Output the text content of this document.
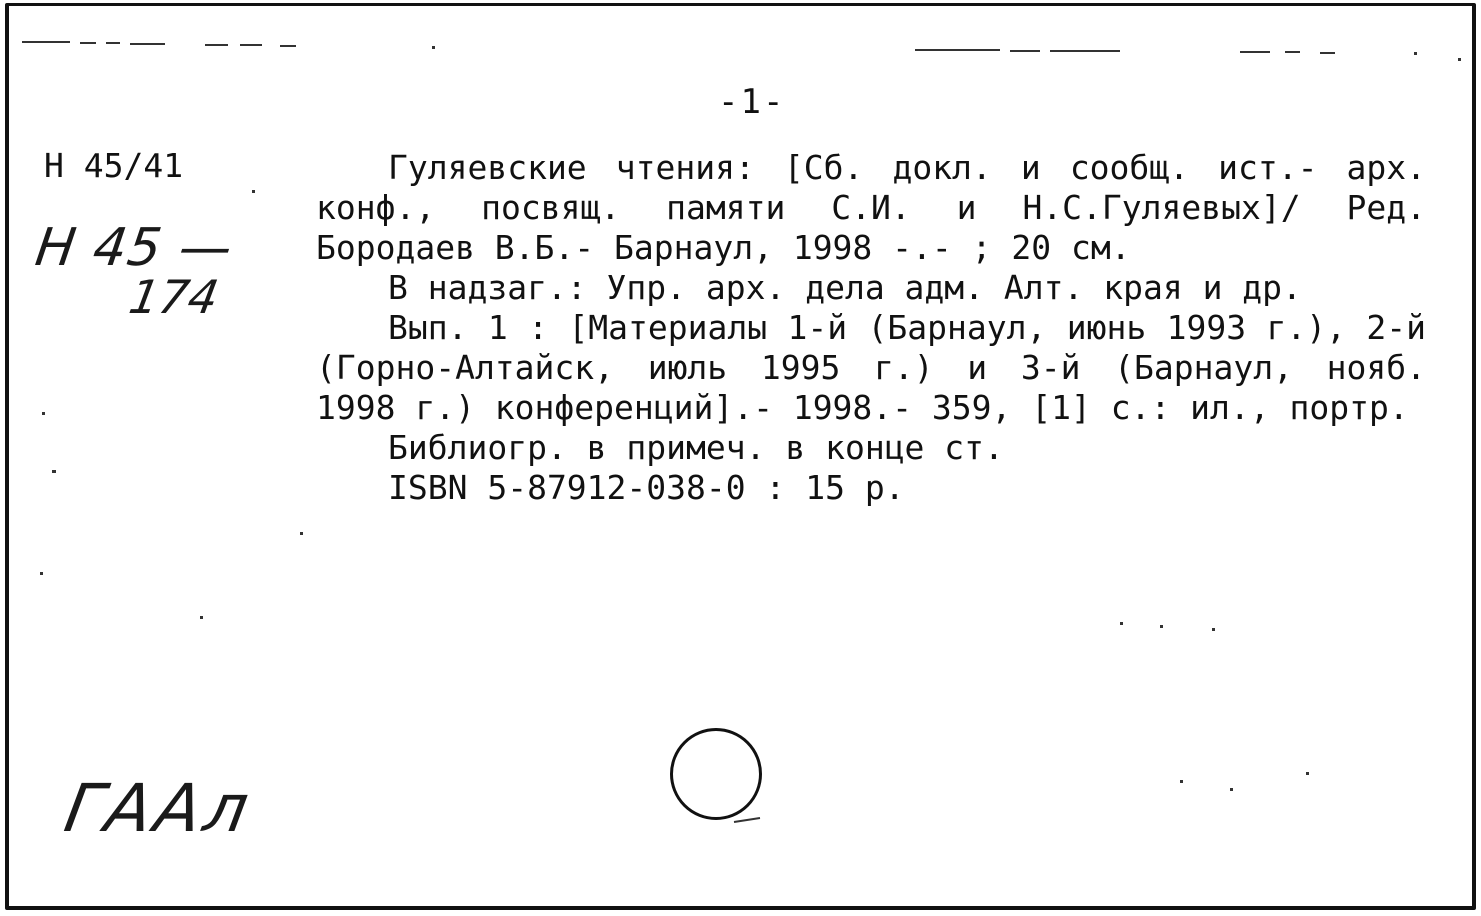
-1-
Н 45/41
Н 45 —
174
ГААл

Гуляевские чтения: [Сб. докл. и сообщ. ист.- арх. конф., посвящ. памяти С.И. и Н.С.Гуляевых]/ Ред. Бородаев В.Б.- Барнаул, 1998 -.- ; 20 см.

В надзаг.: Упр. арх. дела адм. Алт. края и др.

Вып. 1 : [Материалы 1-й (Барнаул, июнь 1993 г.), 2-й (Горно-Алтайск, июль 1995 г.) и 3-й (Барнаул, нояб. 1998 г.) конференций].- 1998.- 359, [1] с.: ил., портр.

Библиогр. в примеч. в конце ст.

ISBN 5-87912-038-0 : 15 р.
